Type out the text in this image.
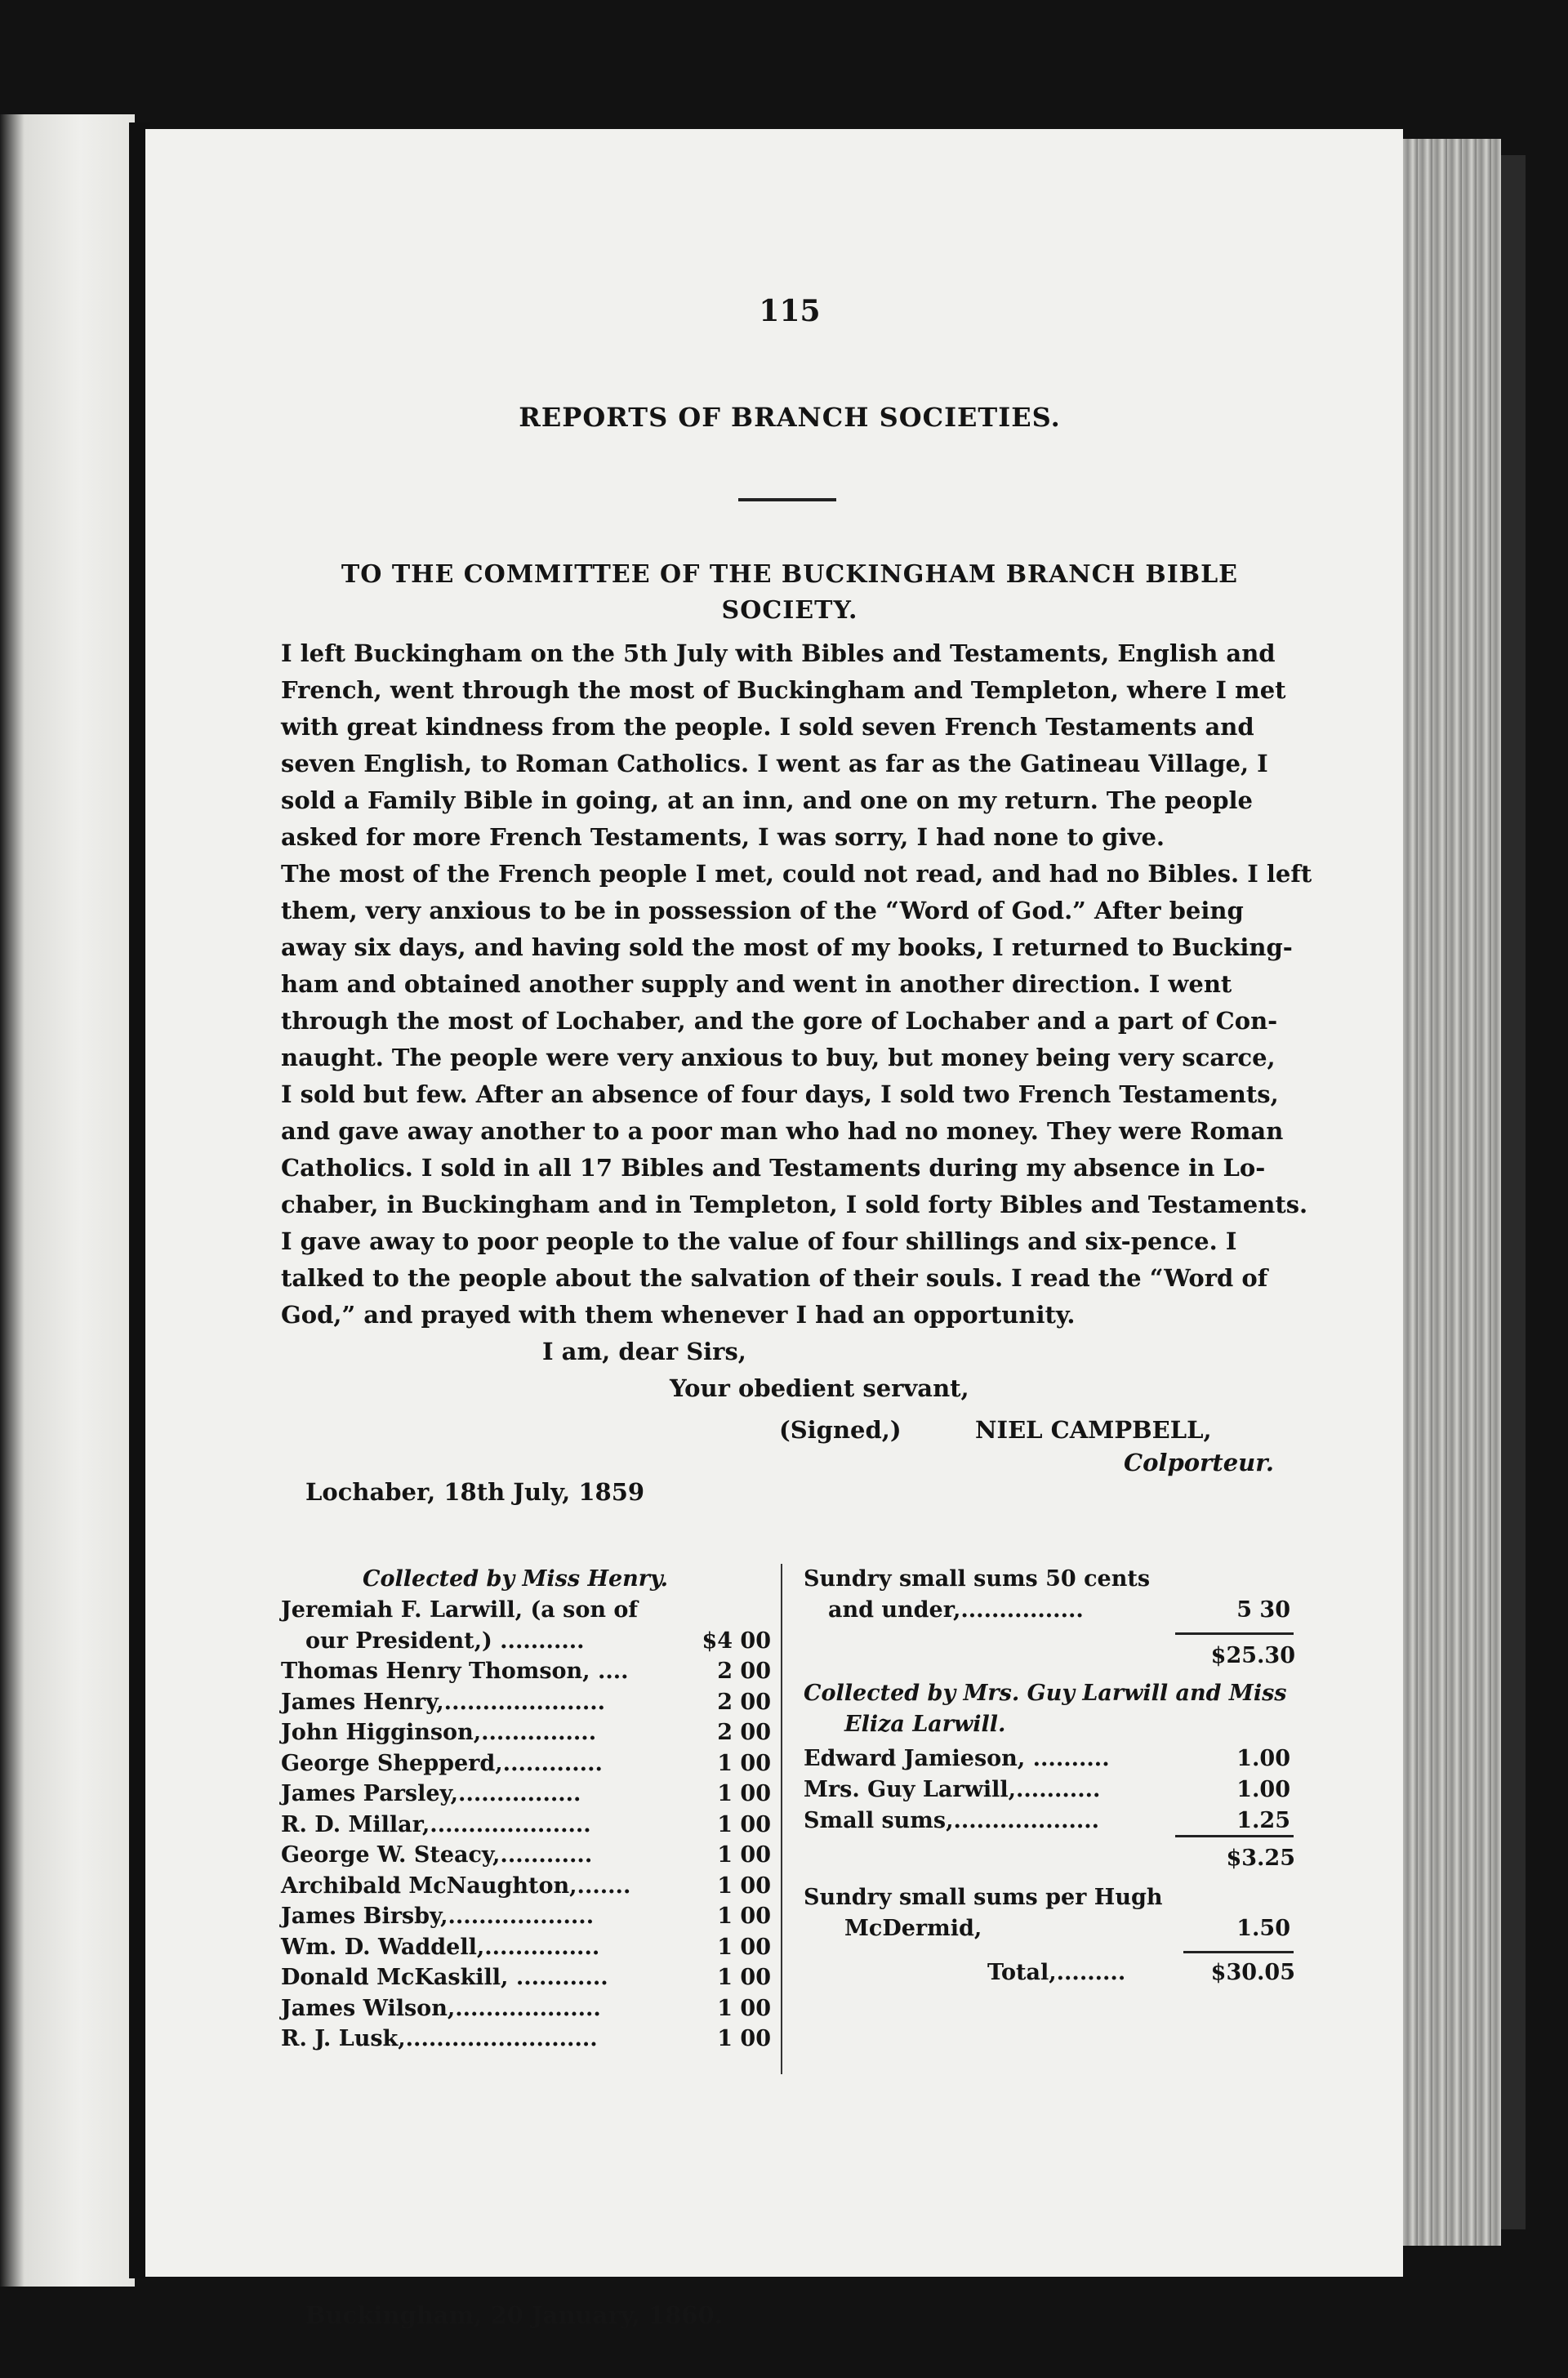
115
REPORTS OF BRANCH SOCIETIES.
TO THE COMMITTEE OF THE BUCKINGHAM BRANCH BIBLE
SOCIETY.
I left Buckingham on the 5th July with Bibles and Testaments, English and
French, went through the most of Buckingham and Templeton, where I met
with great kindness from the people. I sold seven French Testaments and
seven English, to Roman Catholics. I went as far as the Gatineau Village, I
sold a Family Bible in going, at an inn, and one on my return. The people
asked for more French Testaments, I was sorry, I had none to give.
The most of the French people I met, could not read, and had no Bibles. I left
them, very anxious to be in possession of the “Word of God.” After being
away six days, and having sold the most of my books, I returned to Bucking-
ham and obtained another supply and went in another direction. I went
through the most of Lochaber, and the gore of Lochaber and a part of Con-
naught. The people were very anxious to buy, but money being very scarce,
I sold but few. After an absence of four days, I sold two French Testaments,
and gave away another to a poor man who had no money. They were Roman
Catholics. I sold in all 17 Bibles and Testaments during my absence in Lo-
chaber, in Buckingham and in Templeton, I sold forty Bibles and Testaments.
I gave away to poor people to the value of four shillings and six-pence. I
talked to the people about the salvation of their souls. I read the “Word of
God,” and prayed with them whenever I had an opportunity.
I am, dear Sirs,
Your obedient servant,
(Signed,)	NIEL CAMPBELL,
Colporteur.
Lochaber, 18th July, 1859
Collected by Miss Henry.
Jeremiah F. Larwill, (a son of
our President,) ...........	$4 00
Thomas Henry Thomson, ....	2 00
James Henry,.....................	2 00
John Higginson,...............	2 00
George Shepperd,.............	1 00
James Parsley,................	1 00
R. D. Millar,.....................	1 00
George W. Steacy,............	1 00
Archibald McNaughton,.......	1 00
James Birsby,...................	1 00
Wm. D. Waddell,...............	1 00
Donald McKaskill, ............	1 00
James Wilson,...................	1 00
R. J. Lusk,.........................	1 00
Sundry small sums 50 cents
and under,................	5 30
$25.30
Collected by Mrs. Guy Larwill and Miss
Eliza Larwill.
Edward Jamieson, ..........	1.00
Mrs. Guy Larwill,...........	1.00
Small sums,...................	1.25
$3.25
Sundry small sums per Hugh
McDermid,	1.50
Total,.........	$30.05
Buckingham, 20 January, 1860.
